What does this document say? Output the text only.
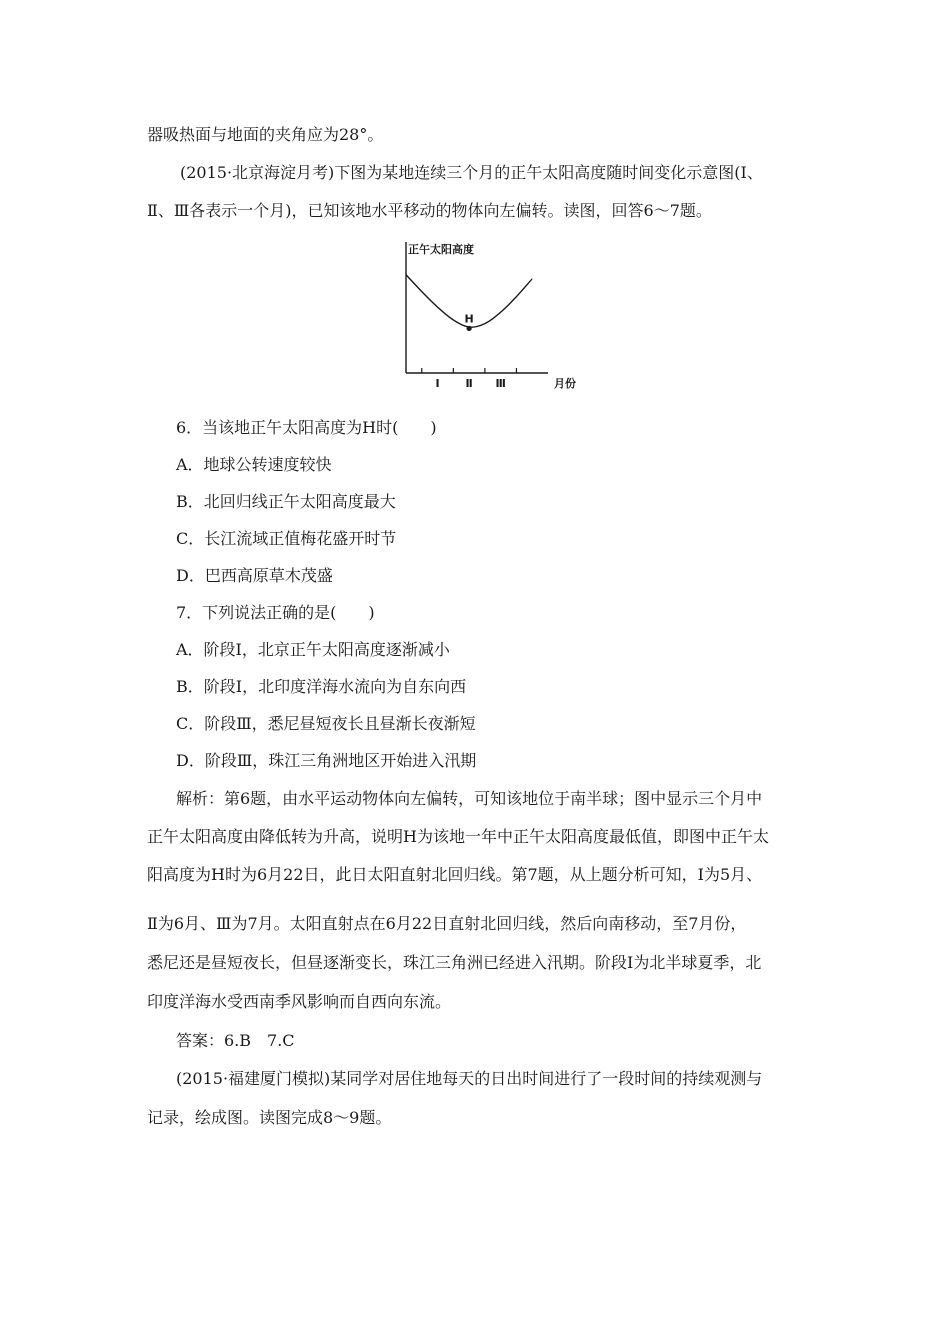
器吸热面与地面的夹角应为28°。
(2015·北京海淀月考)下图为某地连续三个月的正午太阳高度随时间变化示意图(Ⅰ、
Ⅱ、Ⅲ各表示一个月)，已知该地水平移动的物体向左偏转。读图，回答6～7题。
正午太阳高度
月份
Ⅰ Ⅱ Ⅲ
H
6．当该地正午太阳高度为H时(　　)
A．地球公转速度较快
B．北回归线正午太阳高度最大
C．长江流域正值梅花盛开时节
D．巴西高原草木茂盛
7．下列说法正确的是(　　)
A．阶段Ⅰ，北京正午太阳高度逐渐减小
B．阶段Ⅰ，北印度洋海水流向为自东向西
C．阶段Ⅲ，悉尼昼短夜长且昼渐长夜渐短
D．阶段Ⅲ，珠江三角洲地区开始进入汛期
解析：第6题，由水平运动物体向左偏转，可知该地位于南半球；图中显示三个月中
正午太阳高度由降低转为升高，说明H为该地一年中正午太阳高度最低值，即图中正午太
阳高度为H时为6月22日，此日太阳直射北回归线。第7题，从上题分析可知，Ⅰ为5月、
Ⅱ为6月、Ⅲ为7月。太阳直射点在6月22日直射北回归线，然后向南移动，至7月份，
悉尼还是昼短夜长，但昼逐渐变长，珠江三角洲已经进入汛期。阶段Ⅰ为北半球夏季，北
印度洋海水受西南季风影响而自西向东流。
答案：6.B　7.C
(2015·福建厦门模拟)某同学对居住地每天的日出时间进行了一段时间的持续观测与
记录，绘成图。读图完成8～9题。
